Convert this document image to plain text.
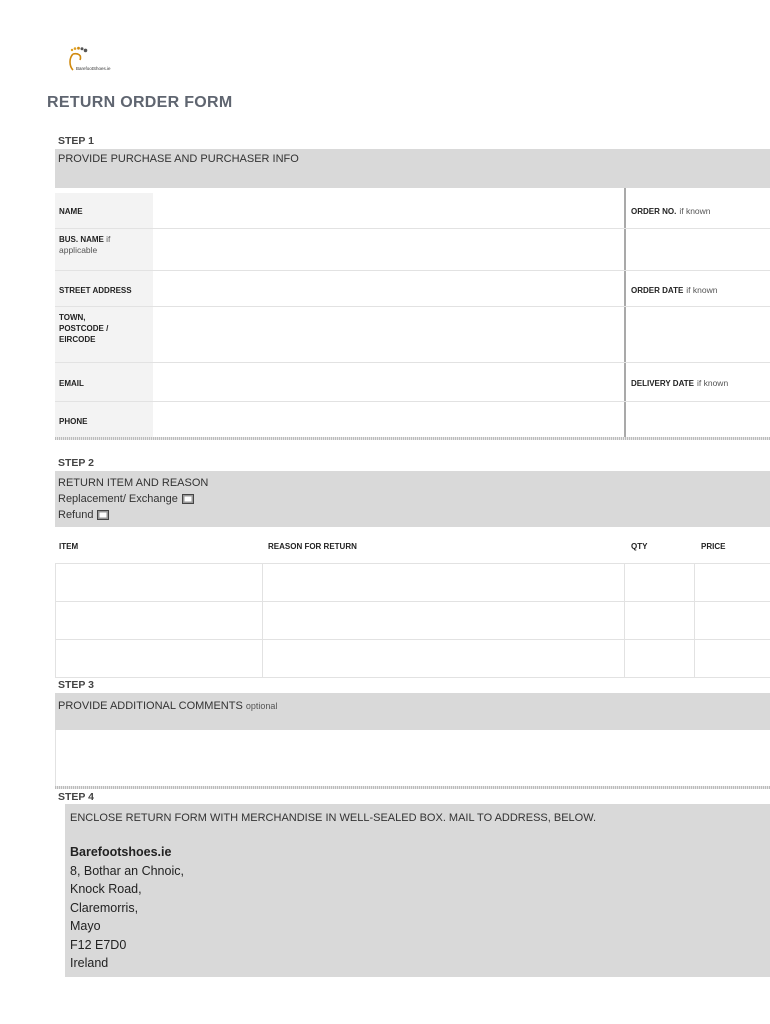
BarefootShoes.ie
RETURN ORDER FORM
STEP 1
PROVIDE PURCHASE AND PURCHASER INFO
NAME	ORDER NO. if known
BUS. NAME if applicable
STREET ADDRESS	ORDER DATE if known
TOWN,
POSTCODE /
EIRCODE
EMAIL	DELIVERY DATE if known
PHONE
STEP 2
RETURN ITEM AND REASON
Replacement/ Exchange
Refund
ITEM	REASON FOR RETURN	QTY	PRICE
STEP 3
PROVIDE ADDITIONAL COMMENTS optional
STEP 4
ENCLOSE RETURN FORM WITH MERCHANDISE IN WELL-SEALED BOX. MAIL TO ADDRESS, BELOW.
Barefootshoes.ie
8, Bothar an Chnoic,
Knock Road,
Claremorris,
Mayo
F12 E7D0
Ireland
